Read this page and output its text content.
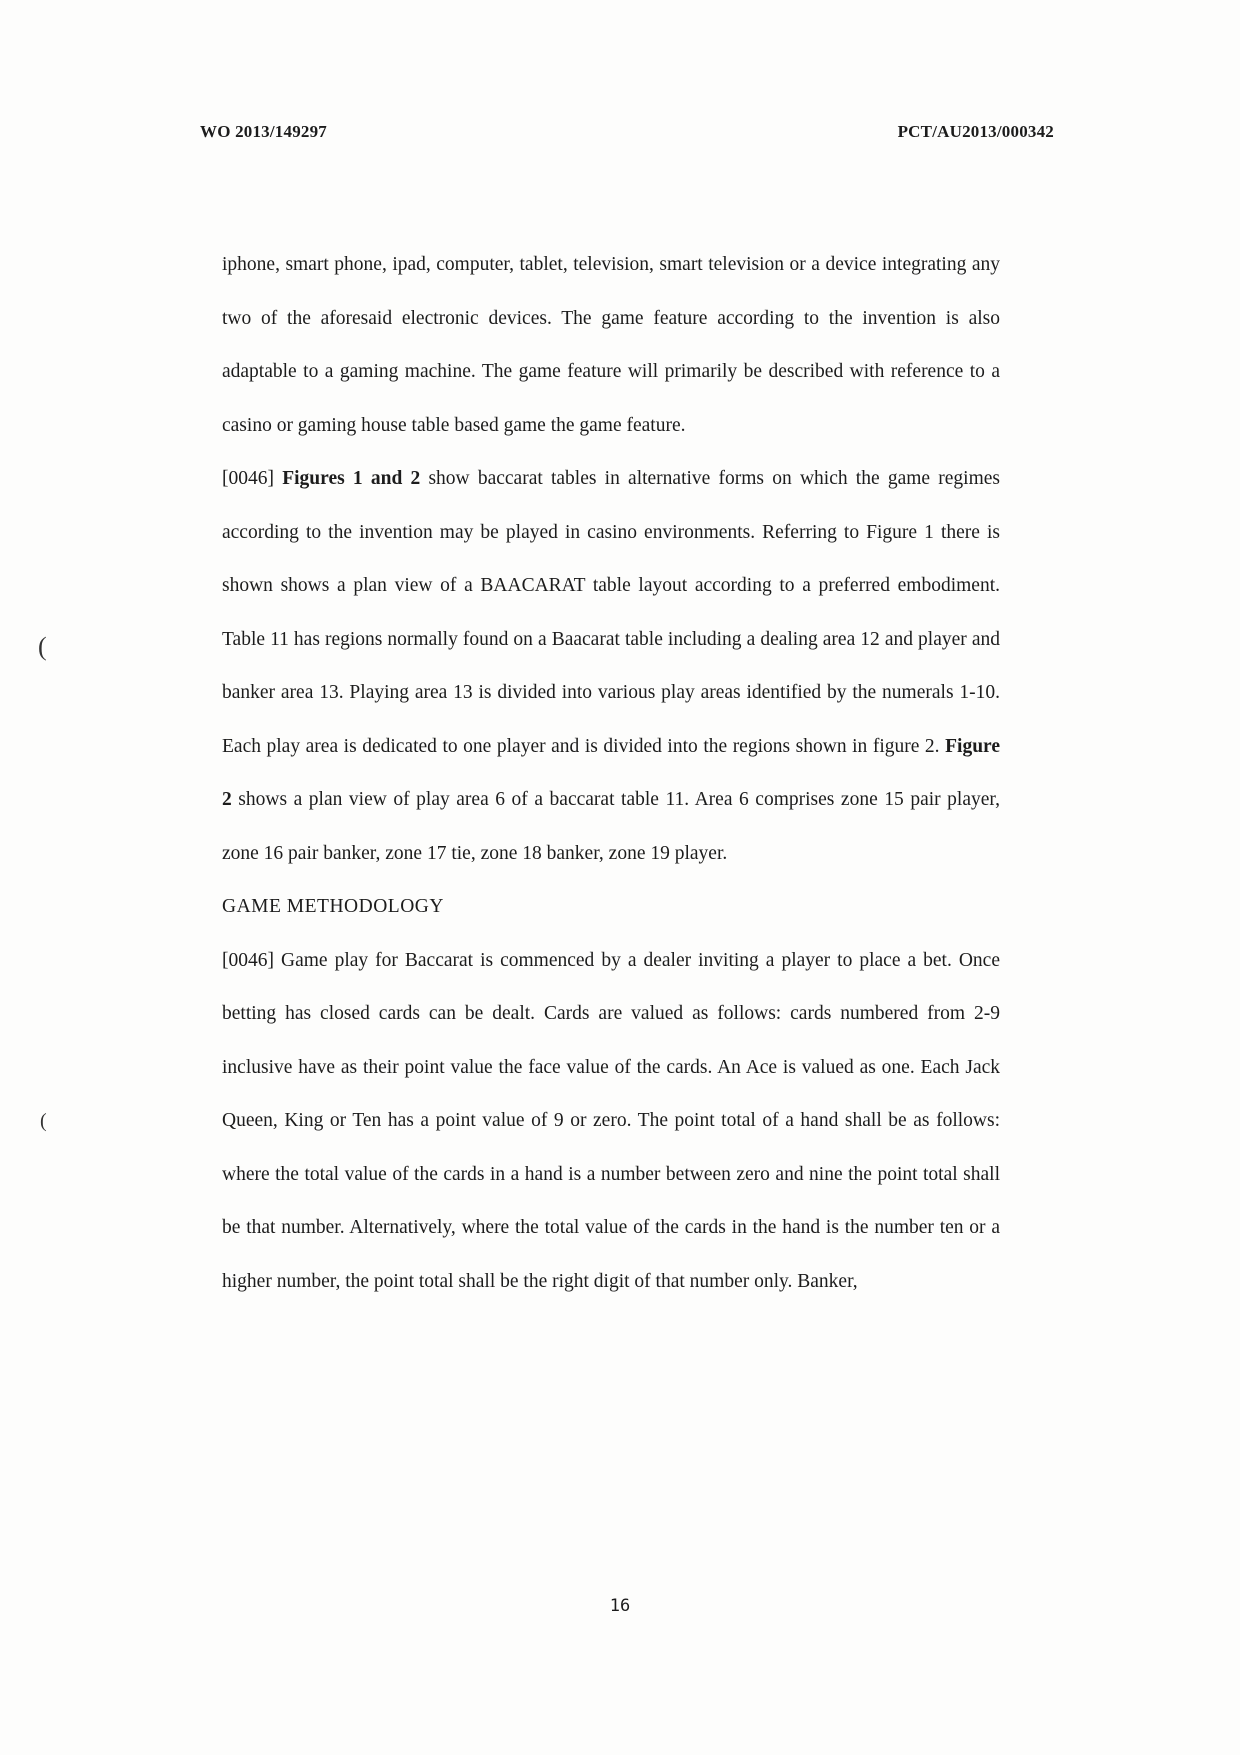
WO 2013/149297	PCT/AU2013/000342
(
(

iphone, smart phone, ipad, computer, tablet, television, smart television or a device integrating any two of the aforesaid electronic devices. The game feature according to the invention is also adaptable to a gaming machine. The game feature will primarily be described with reference to a casino or gaming house table based game the game feature.

[0046] Figures 1 and 2 show baccarat tables in alternative forms on which the game regimes according to the invention may be played in casino environments. Referring to Figure 1 there is shown shows a plan view of a BAACARAT table layout according to a preferred embodiment. Table 11 has regions normally found on a Baacarat table including a dealing area 12 and player and banker area 13. Playing area 13 is divided into various play areas identified by the numerals 1-10. Each play area is dedicated to one player and is divided into the regions shown in figure 2. Figure 2 shows a plan view of play area 6 of a baccarat table 11. Area 6 comprises zone 15 pair player, zone 16 pair banker, zone 17 tie, zone 18 banker, zone 19 player.

GAME METHODOLOGY

[0046] Game play for Baccarat is commenced by a dealer inviting a player to place a bet. Once betting has closed cards can be dealt. Cards are valued as follows: cards numbered from 2-9 inclusive have as their point value the face value of the cards. An Ace is valued as one. Each Jack Queen, King or Ten has a point value of 9 or zero. The point total of a hand shall be as follows: where the total value of the cards in a hand is a number between zero and nine the point total shall be that number. Alternatively, where the total value of the cards in the hand is the number ten or a higher number, the point total shall be the right digit of that number only. Banker,

16
